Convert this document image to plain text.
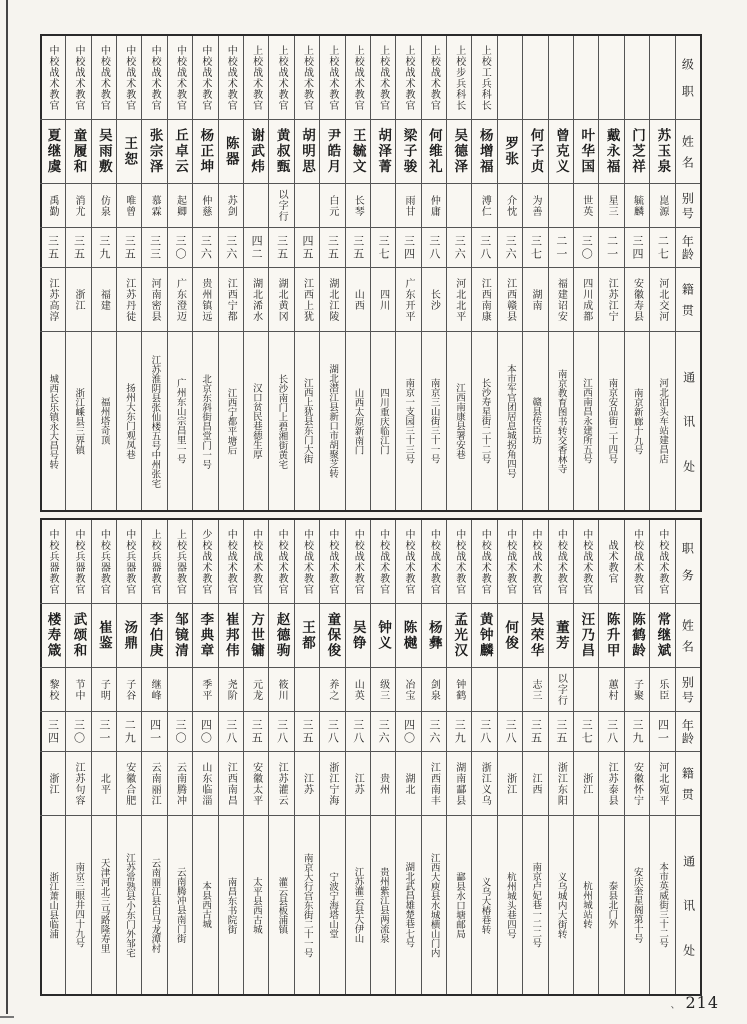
级
职
姓
名
别
号
年
龄
籍
贯
通
讯
处
苏玉泉
崑源
二七
河北交河
河北泊头车站建昌店
门芝祥
毓麟
三四
安徽寿县
南京新廊十九号
戴永福
星三
二一
江苏江宁
南京安品街二十四号
叶华国
世英
三〇
四川成都
江西南昌永建所五号
曾克义
二一
福建诏安
南京教育图书转交香林寺
何子贞
为善
三七
湖南
赣县传臣坊
罗张
介忱
三六
江西赣县
本市军官团居息城拐角四号
上校工兵科长
杨增福
溥仁
三八
江西南康
长沙寿星街二十二号
上校步兵科长
吴德泽
三六
河北北平
江西南康县署安巷
上校战术教官
何维礼
仲庸
三八
长沙
南京三山街三十一号
上校战术教官
梁子骏
雨甘
三四
广东开平
南京一支园三十三号
上校战术教官
胡泽菁
三七
四川
四川重庆临江门
上校战术教官
王毓文
长琴
三五
山西
山西太原新南门
上校战术教官
尹皓月
白元
三五
湖北江陵
湖北潜江县新口市胡聚芝转
上校战术教官
胡明思
四五
江西上犹
江西上犹县东门大街
上校战术教官
黄叔甄
以字行
三五
湖北黄冈
长沙南门上碧湘街黄宅
上校战术教官
谢武炜
四二
湖北浠水
汉口贫民巷德生厚
中校战术教官
陈器
苏剑
三六
江西宁都
江西宁都平塘后
中校战术教官
杨正坤
仲慈
三六
贵州镇远
北京东斜街昌堂门一号
中校战术教官
丘卓云
起卿
三〇
广东澄迈
广州东山宗昌里一号
中校战术教官
张宗泽
慕霖
三三
河南密县
江苏淮阴县张仙楼五号中州张宅
中校战术教官
王恕
唯曾
三五
江苏丹徒
扬州大东门观凤巷
中校战术教官
吴雨敷
仿泉
三九
福建
福州塔奇顶
中校战术教官
童履和
消尤
三五
浙江
浙江嵊县三界镇
中校战术教官
夏继虞
禹勤
三五
江苏高淳
城西长乐镇永大昌号转
职
务
姓
名
别
号
年
龄
籍
贯
通
讯
处
中校战术教官
常继斌
乐臣
四一
河北宛平
本市英威街三十二号
中校战术教官
陈鹤龄
子聚
三九
安徽怀宁
安庆奎星阁第十号
战术教官
陈升甲
蕙村
三八
江苏泰县
泰县北门外
中校战术教官
汪乃昌
三七
浙江
杭州城站转
中校战术教官
董芳
以字行
三五
浙江东阳
义乌城内大街转
中校战术教官
吴荣华
志三
三五
江西
南京卢妃巷一二二号
中校战术教官
何俊
三八
浙江
杭州城头巷四号
中校战术教官
黄钟麟
三八
浙江义乌
义乌大椿巷转
中校战术教官
孟光汉
钟鹤
三九
湖南酃县
酃县水口塘邮局
中校战术教官
杨彝
剑泉
三六
江西南丰
江西大庾县水城横山门内
中校战术教官
陈樾
冶宝
四〇
湖北
湖北武昌雄楚巷七号
中校战术教官
钟义
级三
三六
贵州
贵州紫江县两流泉
中校战术教官
吴铮
山英
三八
江苏
江苏灌云县大伊山
中校战术教官
童保俊
养之
三八
浙江宁海
宁波宁海塔山堂
中校战术教官
王都
三五
江苏
南京大行宫东街二十一号
中校战术教官
赵德驹
筱川
三八
江苏灌云
灌云县板浦镇
中校战术教官
方世镛
元龙
三五
安徽太平
太平县西古城
中校战术教官
崔邦伟
尧阶
三八
江西南昌
南昌东书院街
少校战术教官
李典章
季平
四〇
山东临淄
本县西古城
上校兵器教官
邹镜清
三〇
云南腾冲
云南腾冲县南门街
上校兵器教官
李伯庚
继峰
四一
云南丽江
云南丽江县白马龙潭村
中校兵器教官
汤鼎
子谷
二九
安徽合肥
江苏常熟县小东门外邹宅
中校兵器教官
崔鉴
子明
三一
北平
天津河北三马路隆寿里
中校兵器教官
武颂和
节中
三〇
江苏句容
南京三眼井四十九号
中校兵器教官
楼寿箴
黎校
三四
浙江
浙江萧山县临浦
、 214
